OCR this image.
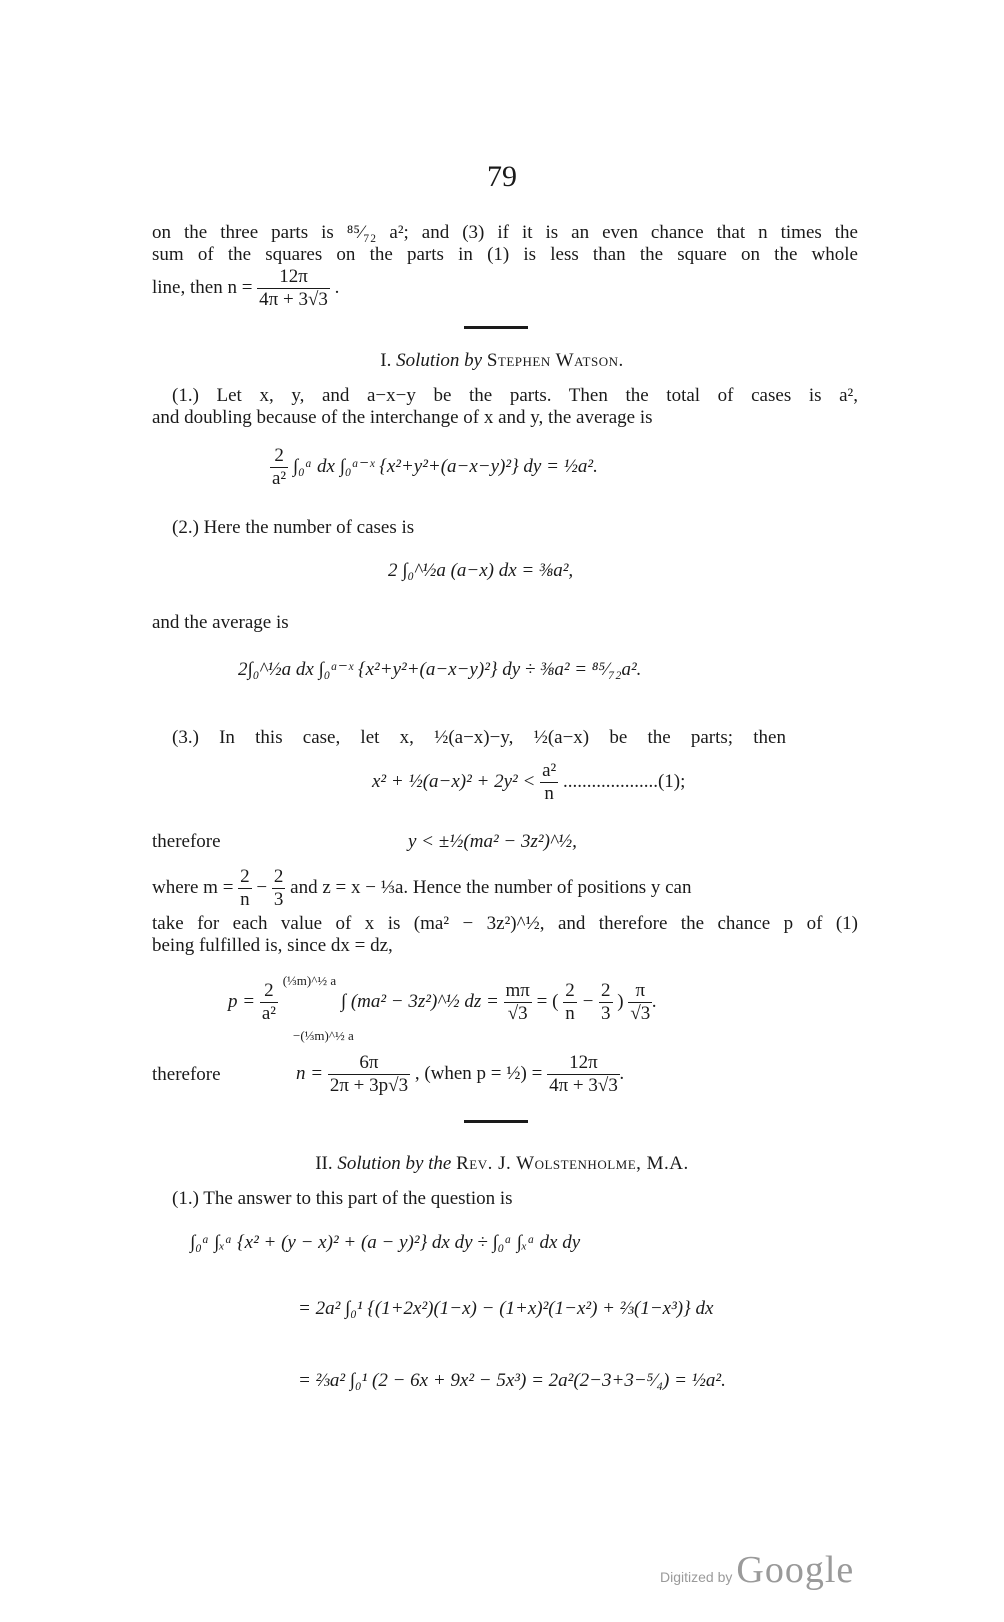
79
on the three parts is ⁸⁵⁄₇₂ a²; and (3) if it is an even chance that n times the
sum of the squares on the parts in (1) is less than the square on the whole
line, then $n = \frac{12\pi}{4\pi + 3√3}$ .
I. Solution by Stephen Watson.
(1.) Let x, y, and a−x−y be the parts. Then the total of cases is a²,
and doubling because of the interchange of x and y, the average is
$\frac{2}{\text{a²}}$ ∫₀ᵃ dx ∫₀ᵃ⁻ˣ {x²+y²+(a−x−y)²} dy = ½a².
(2.) Here the number of cases is
2 ∫₀^½a (a−x) dx = ⅜a²,
and the average is
2∫₀^½a dx ∫₀ᵃ⁻ˣ {x²+y²+(a−x−y)²} dy ÷ ⅜a² = ⁸⁵⁄₇₂a².
(3.) In this case, let x, ½(a−x)−y, ½(a−x) be the parts; then
x² + ½(a−x)² + $2y^2 < \frac{\text{a²}}{n} ....................(1)$;
therefore	y < ±½(ma² − 3z²)^½,
where $m = \frac{2}{n} - \frac{2}{3}$ and z = x − ⅓a. Hence the number of positions y can
take for each value of x is (ma² − 3z²)^½, and therefore the chance p of (1)
being fulfilled is, since dx = dz,
$p = \frac{2}{\text{a²}} ^{(\frac{1}{3}m)\^{}\frac{1}{2} a}$ ∫ (ma² − 3z²)^½ dz = $\frac{m\pi}{√3}$ = ( $\frac{2}{n} - \frac{2}{3}$ ) $\frac{\pi}{√3}$ .
−(⅓m)^½ a
therefore	$n = \frac{6\pi}{2\pi + 3p√3}$ , (when p = ½) = $\frac{12\pi}{4\pi + 3√3}$ .
II. Solution by the Rev. J. Wolstenholme, M.A.
(1.) The answer to this part of the question is
∫₀ᵃ ∫ₓᵃ {x² + (y − x)² + (a − y)²} dx dy ÷ ∫₀ᵃ ∫ₓᵃ dx dy
= 2a² ∫₀¹ {(1+2x²)(1−x) − (1+x)²(1−x²) + ⅔(1−x³)} dx
= ⅔a² ∫₀¹ (2 − 6x + 9x² − 5x³) = 2a²(2−3+3−⁵⁄₄) = ½a².
Digitized by Google
